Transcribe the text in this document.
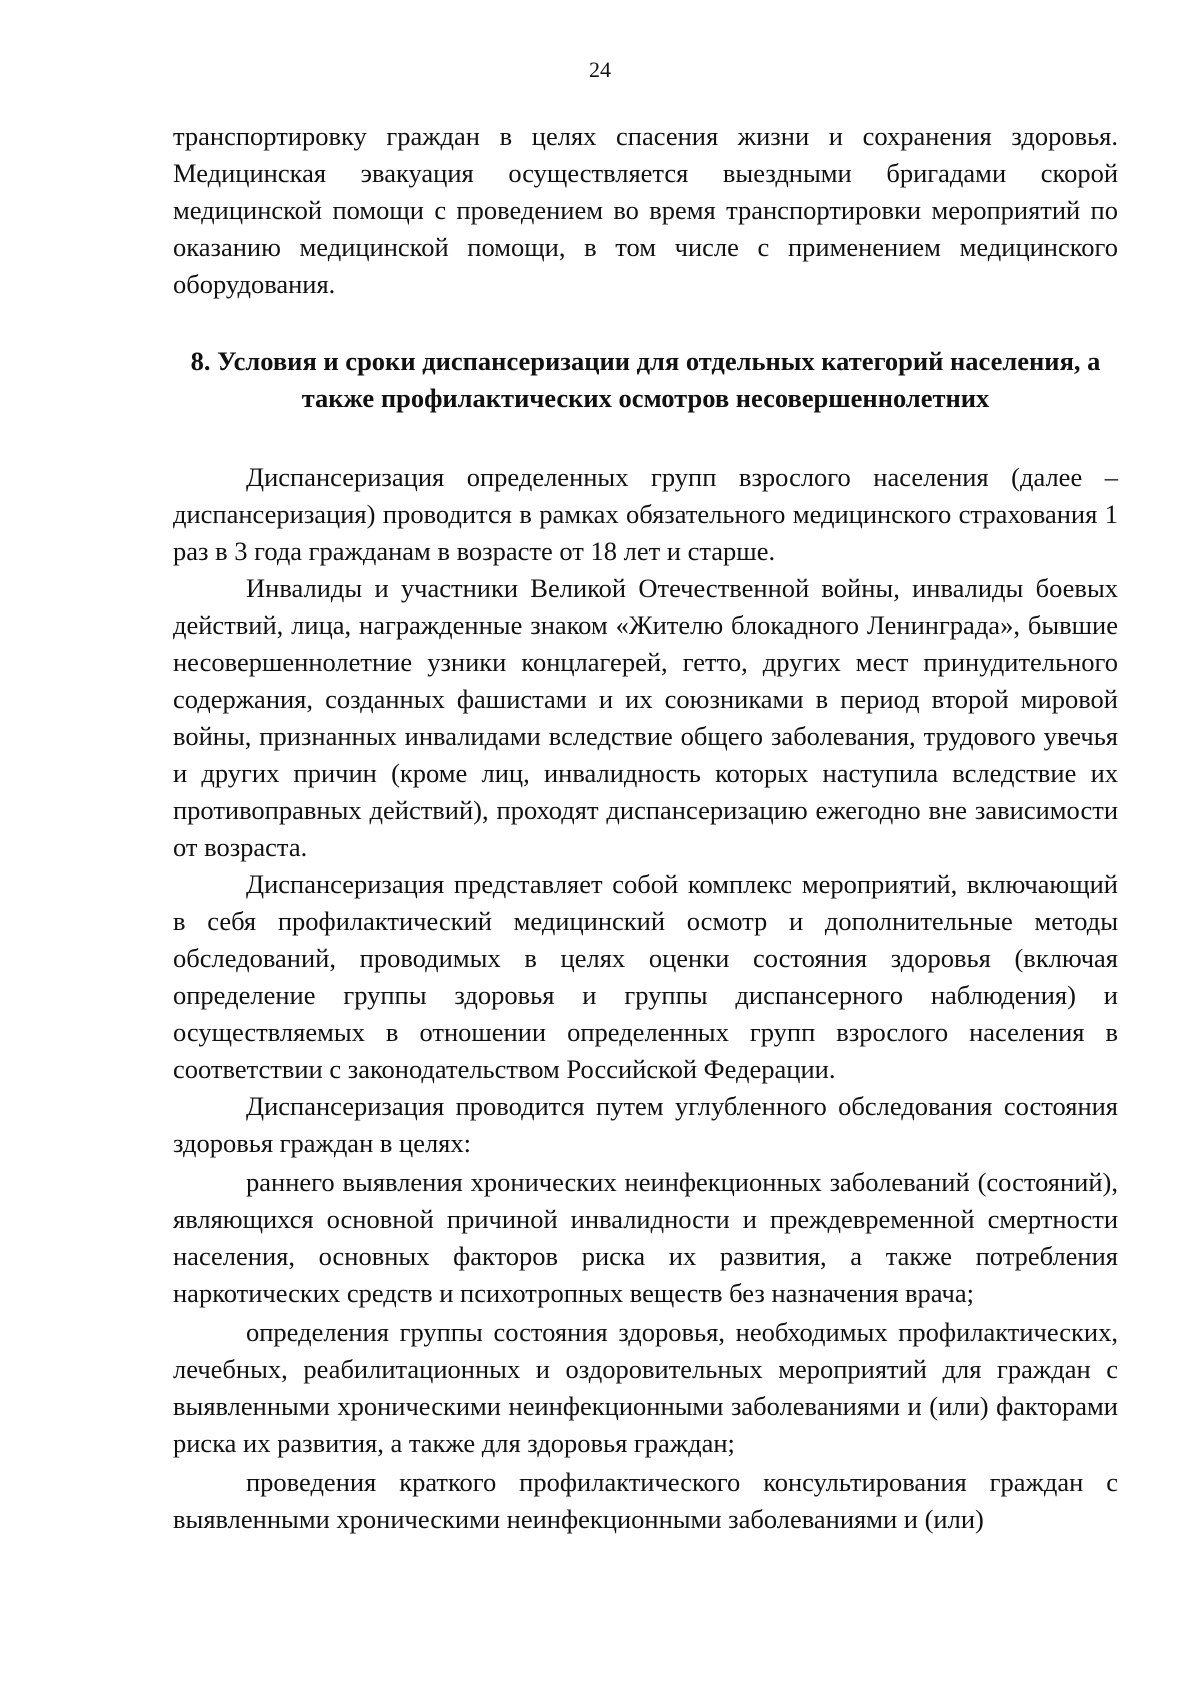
24

транспортировку граждан в целях спасения жизни и сохранения здоровья. Медицинская эвакуация осуществляется выездными бригадами скорой медицинской помощи с проведением во время транспортировки мероприятий по оказанию медицинской помощи, в том числе с применением медицинского оборудования.

8. Условия и сроки диспансеризации для отдельных категорий населения, а также профилактических осмотров несовершеннолетних

Диспансеризация определенных групп взрослого населения (далее – диспансеризация) проводится в рамках обязательного медицинского страхования 1 раз в 3 года гражданам в возрасте от 18 лет и старше.

Инвалиды и участники Великой Отечественной войны, инвалиды боевых действий, лица, награжденные знаком «Жителю блокадного Ленинграда», бывшие несовершеннолетние узники концлагерей, гетто, других мест принудительного содержания, созданных фашистами и их союзниками в период второй мировой войны, признанных инвалидами вследствие общего заболевания, трудового увечья и других причин (кроме лиц, инвалидность которых наступила вследствие их противоправных действий), проходят диспансеризацию ежегодно вне зависимости от возраста.

Диспансеризация представляет собой комплекс мероприятий, включающий в себя профилактический медицинский осмотр и дополнительные методы обследований, проводимых в целях оценки состояния здоровья (включая определение группы здоровья и группы диспансерного наблюдения) и осуществляемых в отношении определенных групп взрослого населения в соответствии с законодательством Российской Федерации.

Диспансеризация проводится путем углубленного обследования состояния здоровья граждан в целях:

раннего выявления хронических неинфекционных заболеваний (состояний), являющихся основной причиной инвалидности и преждевременной смертности населения, основных факторов риска их развития, а также потребления наркотических средств и психотропных веществ без назначения врача;

определения группы состояния здоровья, необходимых профилактических, лечебных, реабилитационных и оздоровительных мероприятий для граждан с выявленными хроническими неинфекционными заболеваниями и (или) факторами риска их развития, а также для здоровья граждан;

проведения краткого профилактического консультирования граждан с выявленными хроническими неинфекционными заболеваниями и (или)
